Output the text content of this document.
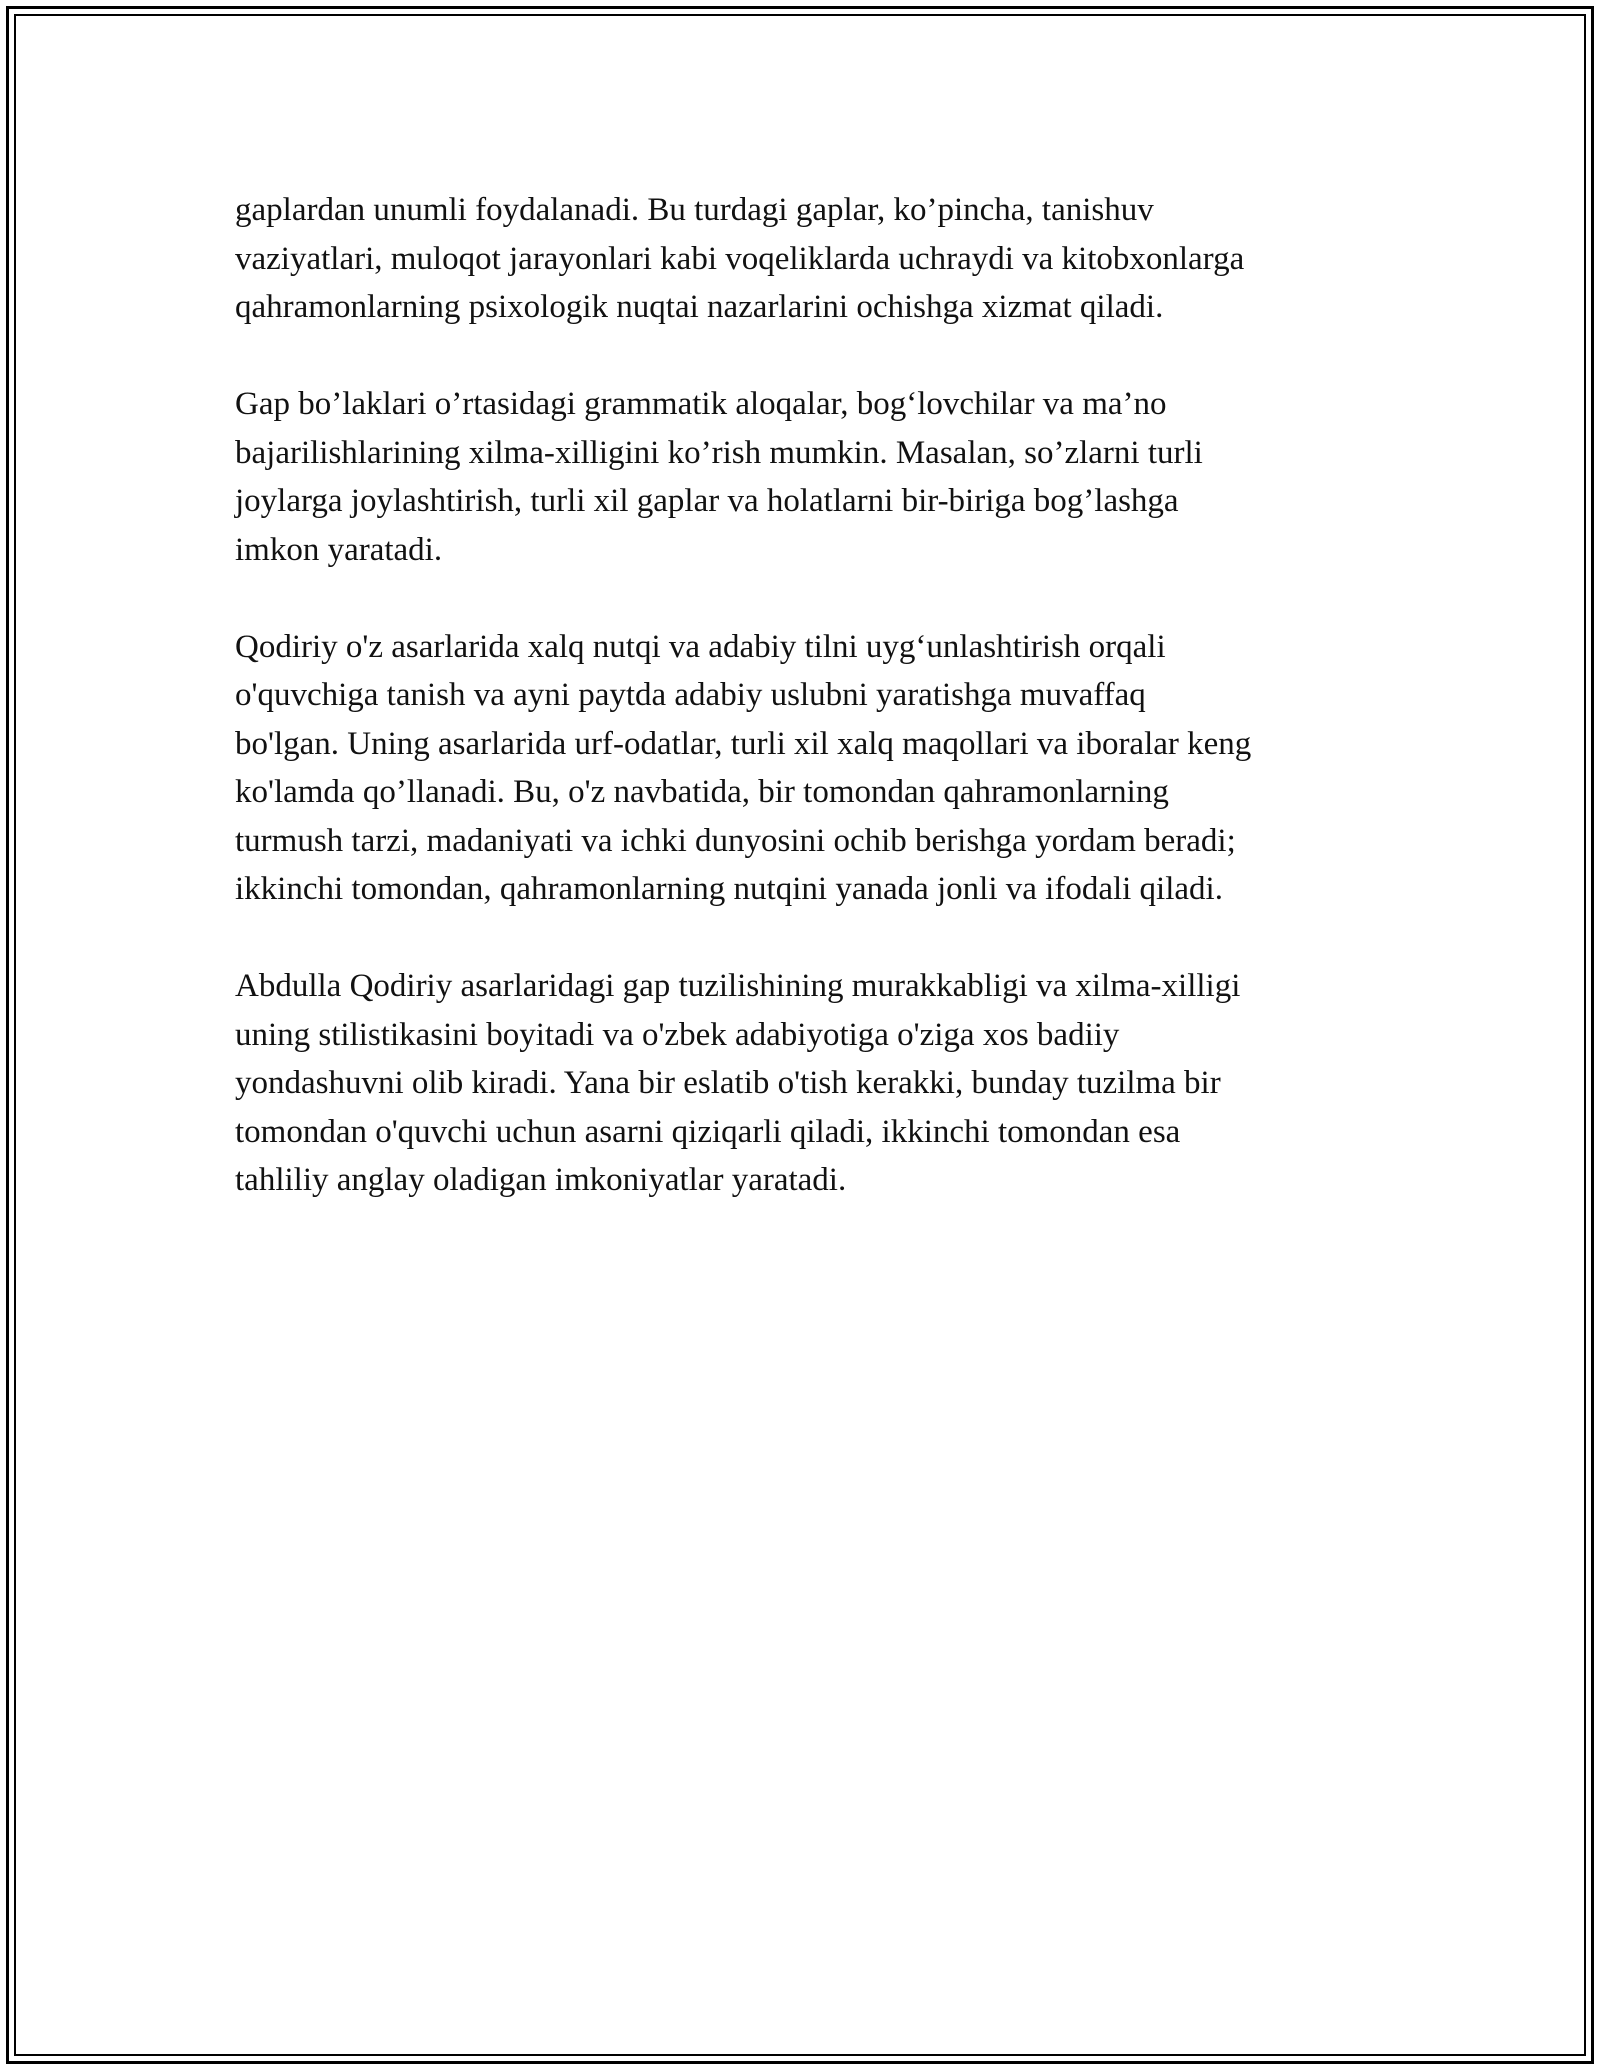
gaplardan unumli foydalanadi. Bu turdagi gaplar, ko’pincha, tanishuv
vaziyatlari, muloqot jarayonlari kabi voqeliklarda uchraydi va kitobxonlarga
qahramonlarning psixologik nuqtai nazarlarini ochishga xizmat qiladi.

Gap bo’laklari o’rtasidagi grammatik aloqalar, bog‘lovchilar va ma’no
bajarilishlarining xilma-xilligini ko’rish mumkin. Masalan, so’zlarni turli
joylarga joylashtirish, turli xil gaplar va holatlarni bir-biriga bog’lashga
imkon yaratadi.

Qodiriy o'z asarlarida xalq nutqi va adabiy tilni uyg‘unlashtirish orqali
o'quvchiga tanish va ayni paytda adabiy uslubni yaratishga muvaffaq
bo'lgan. Uning asarlarida urf-odatlar, turli xil xalq maqollari va iboralar keng
ko'lamda qo’llanadi. Bu, o'z navbatida, bir tomondan qahramonlarning
turmush tarzi, madaniyati va ichki dunyosini ochib berishga yordam beradi;
ikkinchi tomondan, qahramonlarning nutqini yanada jonli va ifodali qiladi.

Abdulla Qodiriy asarlaridagi gap tuzilishining murakkabligi va xilma-xilligi
uning stilistikasini boyitadi va o'zbek adabiyotiga o'ziga xos badiiy
yondashuvni olib kiradi. Yana bir eslatib o'tish kerakki, bunday tuzilma bir
tomondan o'quvchi uchun asarni qiziqarli qiladi, ikkinchi tomondan esa
tahliliy anglay oladigan imkoniyatlar yaratadi.
